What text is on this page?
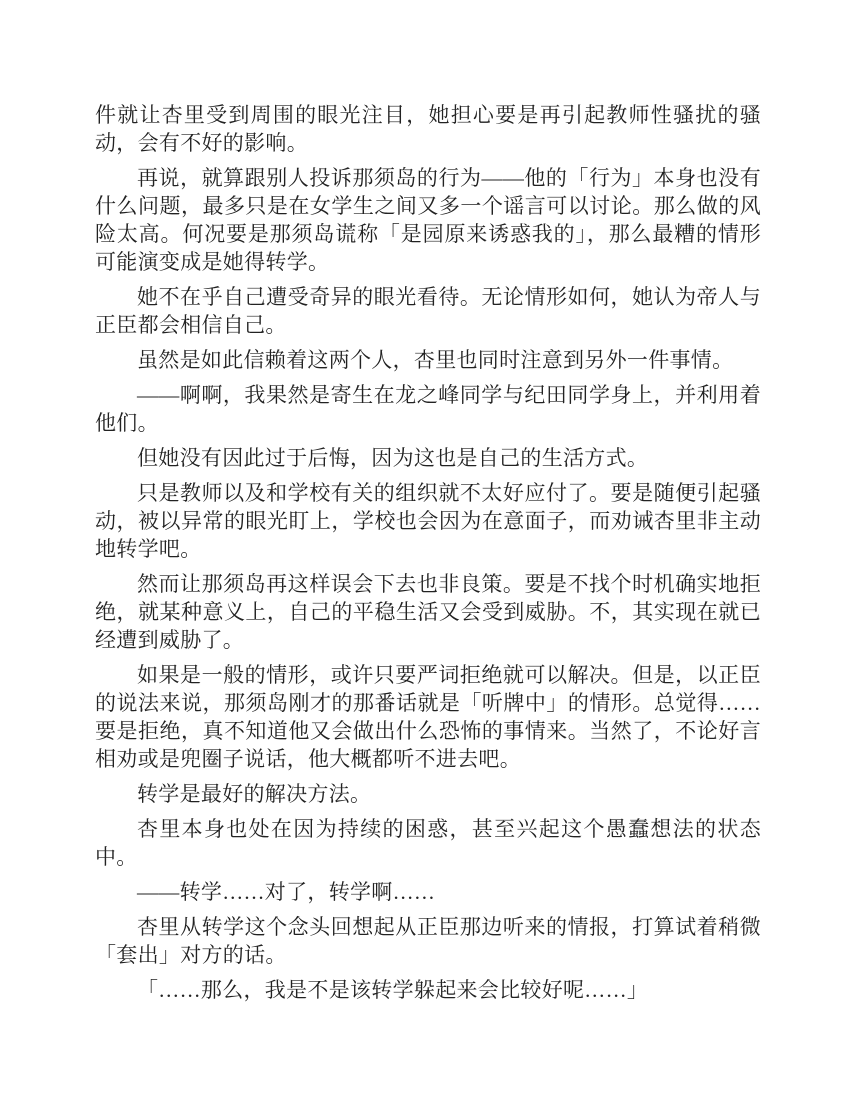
件就让杏里受到周围的眼光注目，她担心要是再引起教师性骚扰的骚动，会有不好的影响。

再说，就算跟别人投诉那须岛的行为——他的「行为」本身也没有什么问题，最多只是在女学生之间又多一个谣言可以讨论。那么做的风险太高。何况要是那须岛谎称「是园原来诱惑我的」，那么最糟的情形可能演变成是她得转学。

她不在乎自己遭受奇异的眼光看待。无论情形如何，她认为帝人与正臣都会相信自己。

虽然是如此信赖着这两个人，杏里也同时注意到另外一件事情。

——啊啊，我果然是寄生在龙之峰同学与纪田同学身上，并利用着他们。

但她没有因此过于后悔，因为这也是自己的生活方式。

只是教师以及和学校有关的组织就不太好应付了。要是随便引起骚动，被以异常的眼光盯上，学校也会因为在意面子，而劝诫杏里非主动地转学吧。

然而让那须岛再这样误会下去也非良策。要是不找个时机确实地拒绝，就某种意义上，自己的平稳生活又会受到威胁。不，其实现在就已经遭到威胁了。

如果是一般的情形，或许只要严词拒绝就可以解决。但是，以正臣的说法来说，那须岛刚才的那番话就是「听牌中」的情形。总觉得……要是拒绝，真不知道他又会做出什么恐怖的事情来。当然了，不论好言相劝或是兜圈子说话，他大概都听不进去吧。

转学是最好的解决方法。

杏里本身也处在因为持续的困惑，甚至兴起这个愚蠢想法的状态中。

——转学……对了，转学啊……

杏里从转学这个念头回想起从正臣那边听来的情报，打算试着稍微「套出」对方的话。

「……那么，我是不是该转学躲起来会比较好呢……」
